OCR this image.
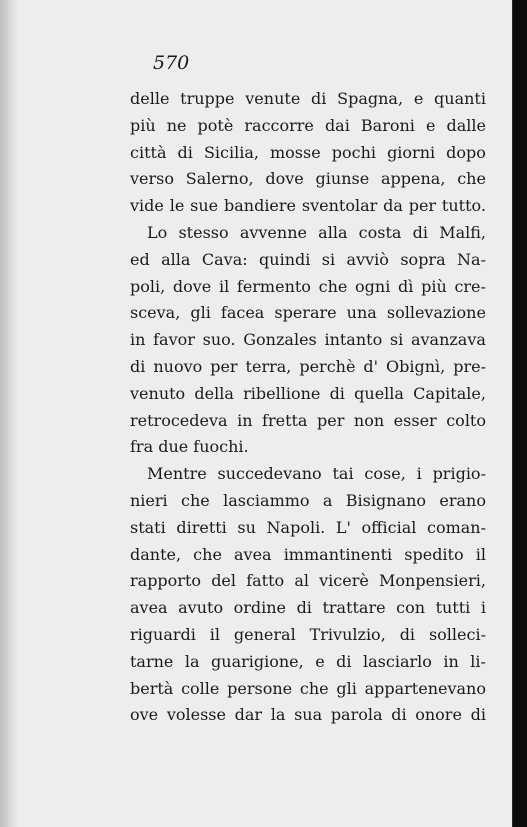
570
delle truppe venute di Spagna, e quanti
più ne potè raccorre dai Baroni e dalle
città di Sicilia, mosse pochi giorni dopo
verso Salerno, dove giunse appena, che
vide le sue bandiere sventolar da per tutto.
Lo stesso avvenne alla costa di Malfi,
ed alla Cava: quindi si avviò sopra Na-
poli, dove il fermento che ogni dì più cre-
sceva, gli facea sperare una sollevazione
in favor suo. Gonzales intanto si avanzava
di nuovo per terra, perchè d' Obignì, pre-
venuto della ribellione di quella Capitale,
retrocedeva in fretta per non esser colto
fra due fuochi.
Mentre succedevano tai cose, i prigio-
nieri che lasciammo a Bisignano erano
stati diretti su Napoli. L' official coman-
dante, che avea immantinenti spedito il
rapporto del fatto al vicerè Monpensieri,
avea avuto ordine di trattare con tutti i
riguardi il general Trivulzio, di solleci-
tarne la guarigione, e di lasciarlo in li-
bertà colle persone che gli appartenevano
ove volesse dar la sua parola di onore di
